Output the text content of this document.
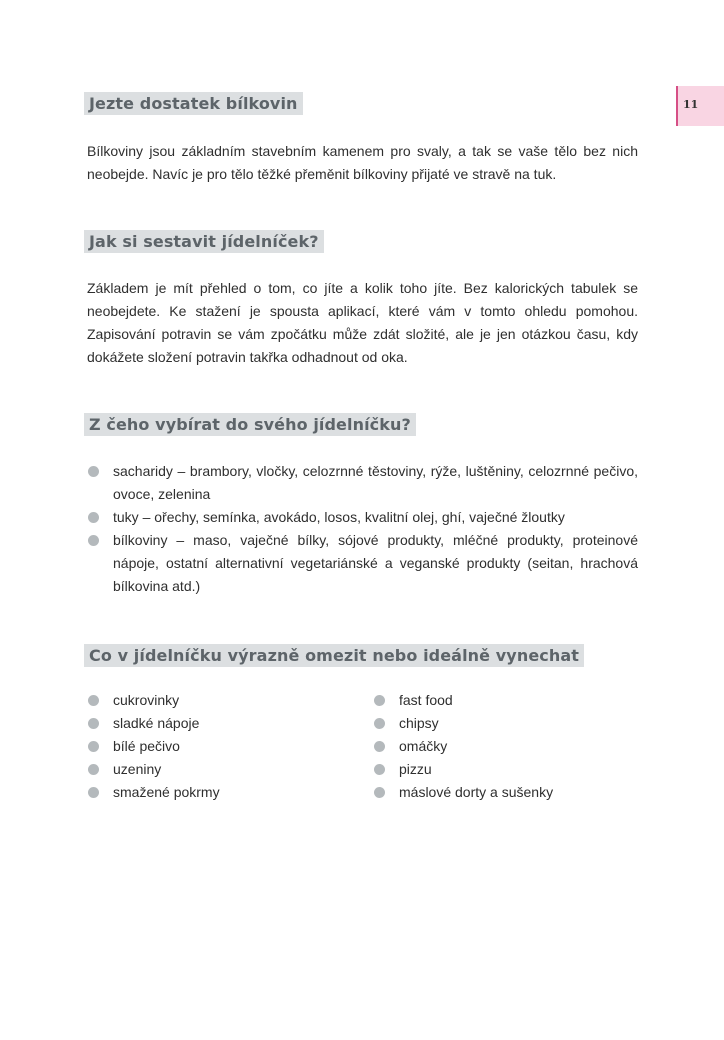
11
Jezte dostatek bílkovin

Bílkoviny jsou základním stavebním kamenem pro svaly, a tak se vaše tělo bez nich neobejde. Navíc je pro tělo těžké přeměnit bílkoviny přijaté ve stravě na tuk.

Jak si sestavit jídelníček?

Základem je mít přehled o tom, co jíte a kolik toho jíte. Bez kalorických tabulek se neobejdete. Ke stažení je spousta aplikací, které vám v tomto ohledu pomohou. Zapisování potravin se vám zpočátku může zdát složité, ale je jen otázkou času, kdy dokážete složení potravin takřka odhadnout od oka.

Z čeho vybírat do svého jídelníčku?
sacharidy – brambory, vločky, celozrnné těstoviny, rýže, luštěniny, celozrnné pečivo, ovoce, zelenina
tuky – ořechy, semínka, avokádo, losos, kvalitní olej, ghí, vaječné žloutky
bílkoviny – maso, vaječné bílky, sójové produkty, mléčné produkty, proteinové nápoje, ostatní alternativní vegetariánské a veganské produkty (seitan, hrachová bílkovina atd.)
Co v jídelníčku výrazně omezit nebo ideálně vynechat
cukrovinky
sladké nápoje
bílé pečivo
uzeniny
smažené pokrmy
fast food
chipsy
omáčky
pizzu
máslové dorty a sušenky
